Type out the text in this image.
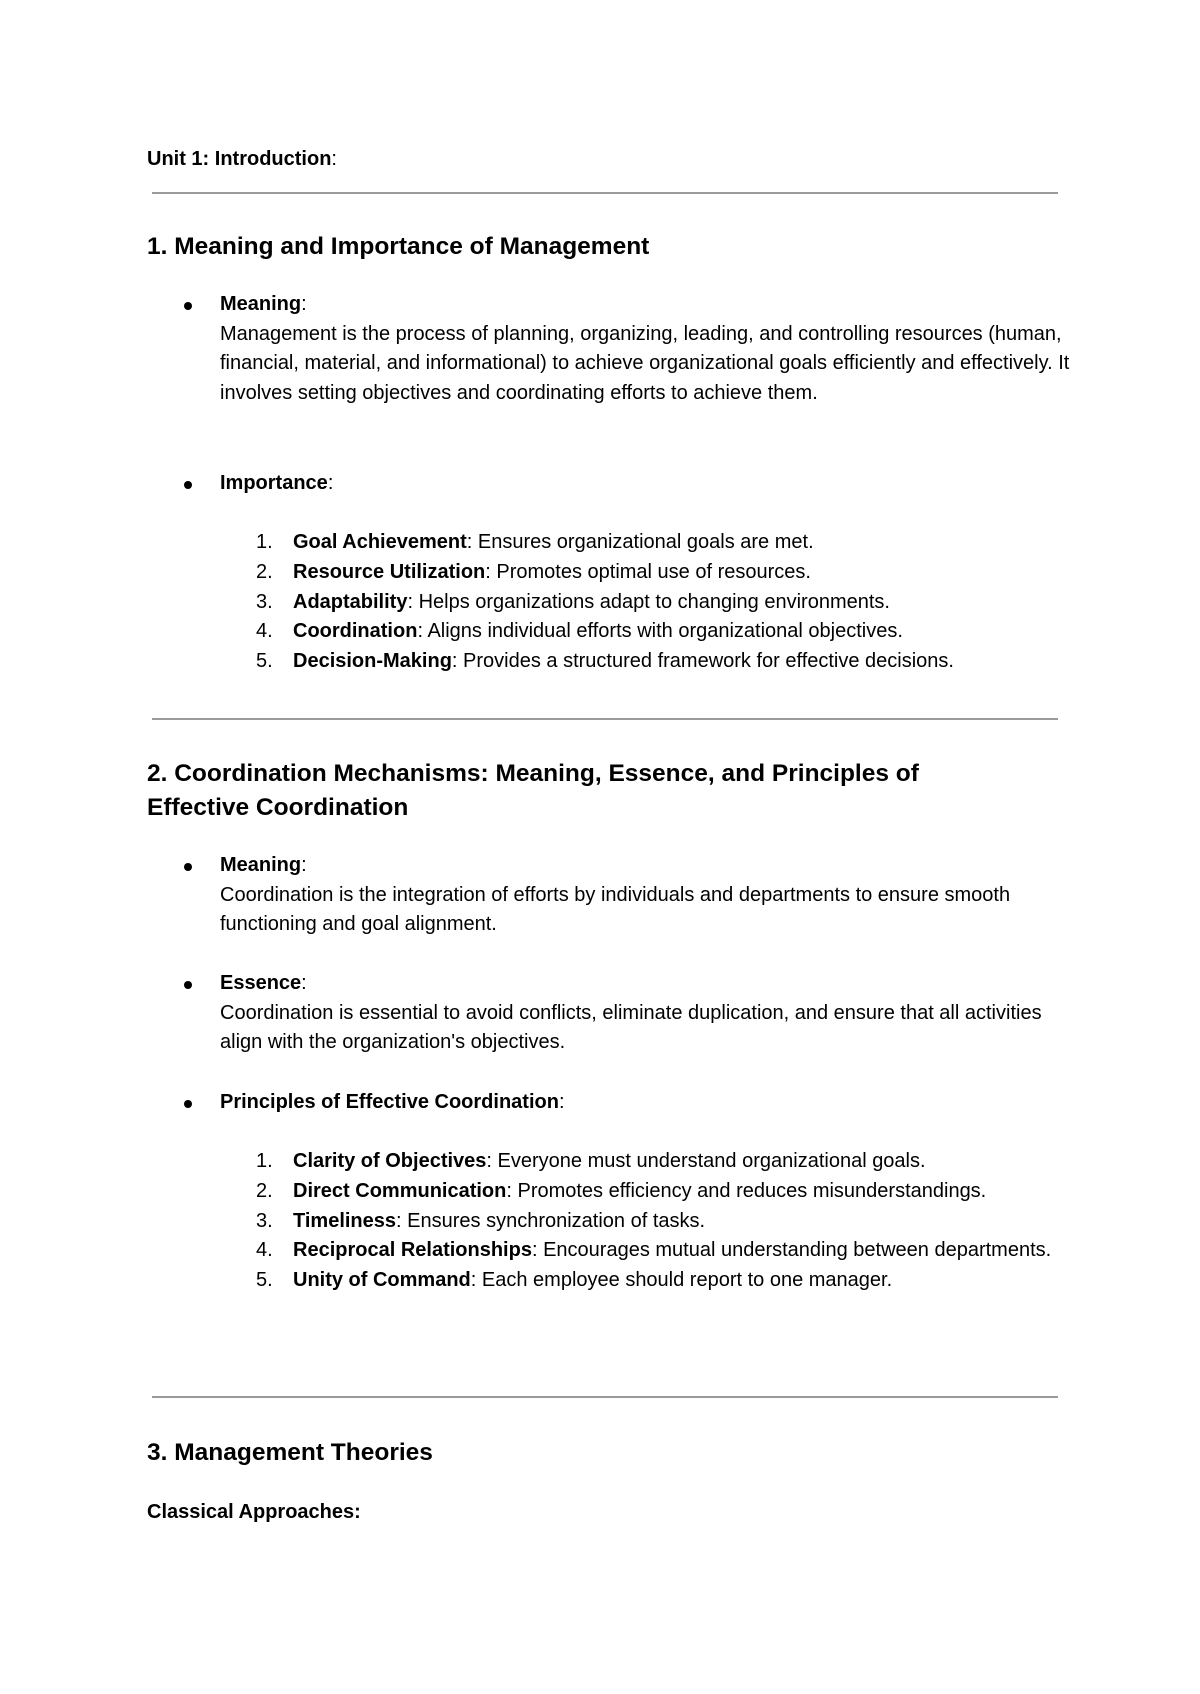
Unit 1: Introduction:
1. Meaning and Importance of Management
Meaning:
Management is the process of planning, organizing, leading, and controlling resources (human, financial, material, and informational) to achieve organizational goals efficiently and effectively. It involves setting objectives and coordinating efforts to achieve them.
Importance:
1. Goal Achievement: Ensures organizational goals are met.
2. Resource Utilization: Promotes optimal use of resources.
3. Adaptability: Helps organizations adapt to changing environments.
4. Coordination: Aligns individual efforts with organizational objectives.
5. Decision-Making: Provides a structured framework for effective decisions.
2. Coordination Mechanisms: Meaning, Essence, and Principles of Effective Coordination
Meaning:
Coordination is the integration of efforts by individuals and departments to ensure smooth functioning and goal alignment.
Essence:
Coordination is essential to avoid conflicts, eliminate duplication, and ensure that all activities align with the organization's objectives.
Principles of Effective Coordination:
1. Clarity of Objectives: Everyone must understand organizational goals.
2. Direct Communication: Promotes efficiency and reduces misunderstandings.
3. Timeliness: Ensures synchronization of tasks.
4. Reciprocal Relationships: Encourages mutual understanding between departments.
5. Unity of Command: Each employee should report to one manager.
3. Management Theories
Classical Approaches:
